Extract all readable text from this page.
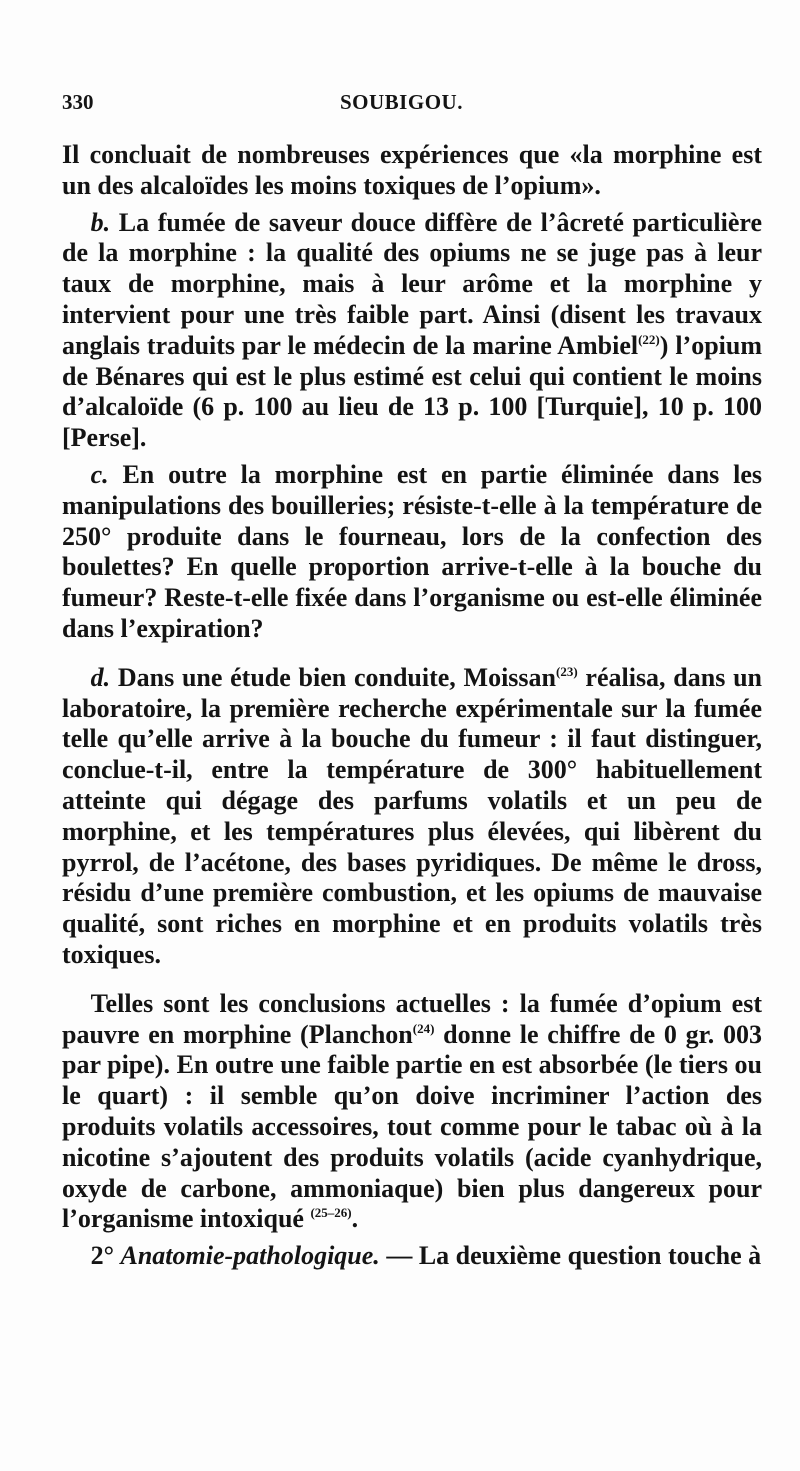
330	SOUBIGOU.

Il concluait de nombreuses expériences que «la morphine est un des alcaloïdes les moins toxiques de l’opium».

b. La fumée de saveur douce diffère de l’âcreté particulière de la morphine : la qualité des opiums ne se juge pas à leur taux de morphine, mais à leur arôme et la morphine y intervient pour une très faible part. Ainsi (disent les travaux anglais traduits par le médecin de la marine Ambiel$^{(22)}$) l’opium de Bénares qui est le plus estimé est celui qui contient le moins d’alcaloïde (6 p. 100 au lieu de 13 p. 100 [Turquie], 10 p. 100 [Perse].

c. En outre la morphine est en partie éliminée dans les manipulations des bouilleries; résiste-t-elle à la température de 250° produite dans le fourneau, lors de la confection des boulettes? En quelle proportion arrive-t-elle à la bouche du fumeur? Reste-t-elle fixée dans l’organisme ou est-elle éliminée dans l’expiration?

d. Dans une étude bien conduite, Moissan$^{(23)}$ réalisa, dans un laboratoire, la première recherche expérimentale sur la fumée telle qu’elle arrive à la bouche du fumeur : il faut distinguer, conclue-t-il, entre la température de 300° habituellement atteinte qui dégage des parfums volatils et un peu de morphine, et les températures plus élevées, qui libèrent du pyrrol, de l’acétone, des bases pyridiques. De même le dross, résidu d’une première combustion, et les opiums de mauvaise qualité, sont riches en morphine et en produits volatils très toxiques.

Telles sont les conclusions actuelles : la fumée d’opium est pauvre en morphine (Planchon$^{(24)}$ donne le chiffre de 0 gr. 003 par pipe). En outre une faible partie en est absorbée (le tiers ou le quart) : il semble qu’on doive incriminer l’action des produits volatils accessoires, tout comme pour le tabac où à la nicotine s’ajoutent des produits volatils (acide cyanhydrique, oxyde de carbone, ammoniaque) bien plus dangereux pour l’organisme intoxiqué $^{(25-26)}$.

2° Anatomie-pathologique. — La deuxième question touche à
